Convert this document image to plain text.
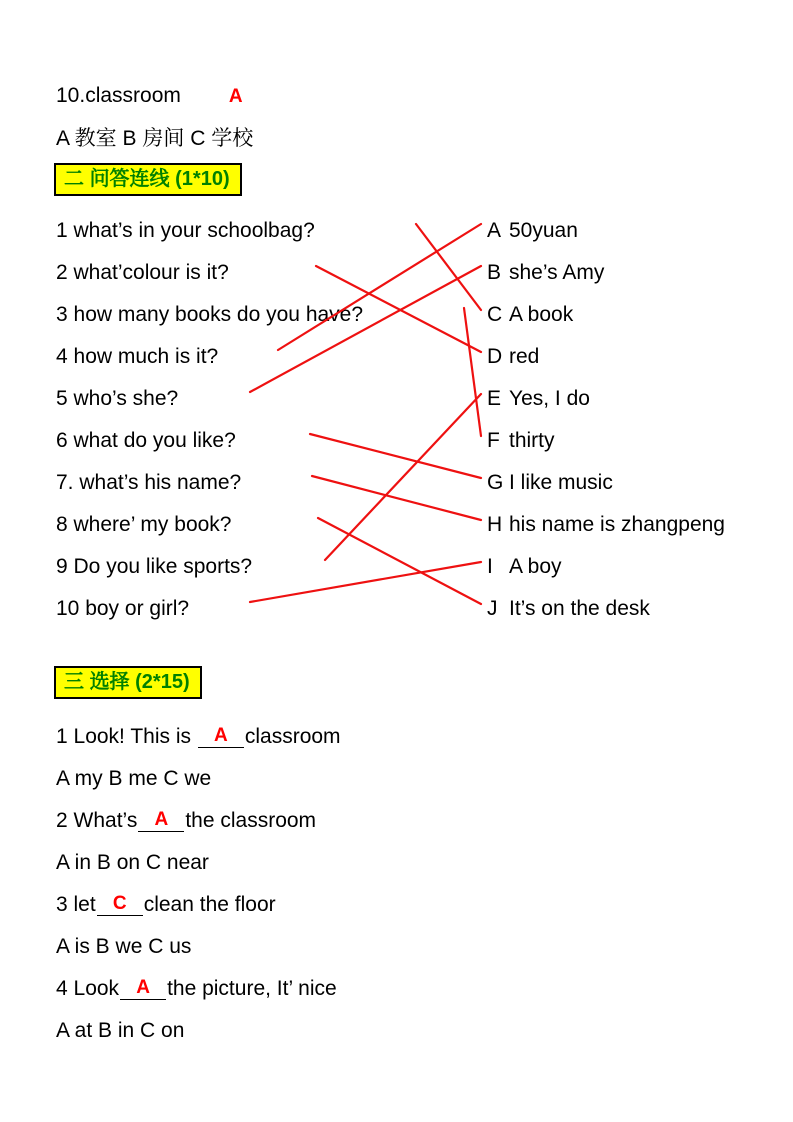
10.classroom	A
A 教室 B 房间 C 学校
二 问答连线 (1*10)
1 what’s in your schoolbag?
2 what’colour is it?
3 how many books do you have?
4 how much is it?
5 who’s she?
6 what do you like?
7. what’s his name?
8 where’ my book?
9 Do you like sports?
10 boy or girl?
A 50yuan
B she’s Amy
C A book
D red
E Yes, I do
F thirty
G I like music
H his name is zhangpeng
I A boy
J It’s on the desk
三 选择 (2*15)
1 Look! This is A classroom
A my B me C we
2 What’s A the classroom
A in B on C near
3 let C clean the floor
A is B we C us
4 Look A the picture, It’ nice
A at B in C on
